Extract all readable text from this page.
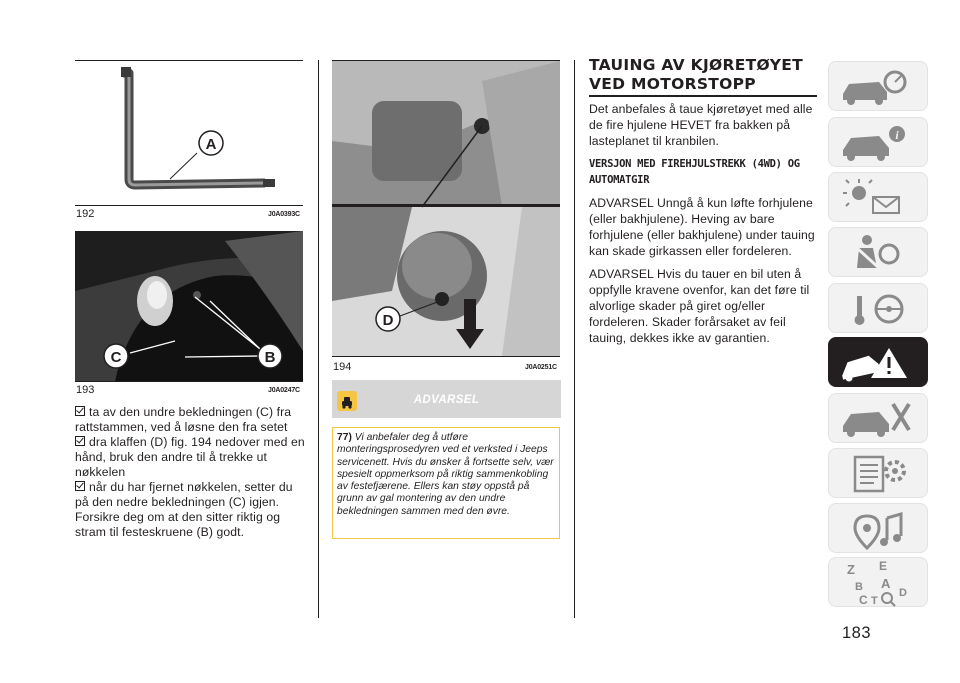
A
192	J0A0393C
C	B
193	J0A0247C

ta av den undre bekledningen (C) fra rattstammen, ved å løsne den fra setet

dra klaffen (D) fig. 194 nedover med en hånd, bruk den andre til å trekke ut nøkkelen

når du har fjernet nøkkelen, setter du på den nedre bekledningen (C) igjen.

Forsikre deg om at den sitter riktig og stram til festeskruene (B) godt.

D
194	J0A0251C
ADVARSEL

77) Vi anbefaler deg å utføre monteringsprosedyren ved et verksted i Jeeps servicenett. Hvis du ønsker å fortsette selv, vær spesielt oppmerksom på riktig sammenkobling av festefjærene. Ellers kan støy oppstå på grunn av gal montering av den undre bekledningen sammen med den øvre.

TAUING AV KJØRETØYET
VED MOTORSTOPP

Det anbefales å taue kjøretøyet med alle de fire hjulene HEVET fra bakken på lasteplanet til kranbilen.

VERSJON MED FIREHJULSTREKK (4WD) OG AUTOMATGIR

ADVARSEL Unngå å kun løfte forhjulene (eller bakhjulene). Heving av bare forhjulene (eller bakhjulene) under tauing kan skade girkassen eller fordeleren.

ADVARSEL Hvis du tauer en bil uten å oppfylle kravene ovenfor, kan det føre til alvorlige skader på giret og/eller fordeleren. Skader forårsaket av feil tauing, dekkes ikke av garantien.

i
Z E
B A
C T
D
183
